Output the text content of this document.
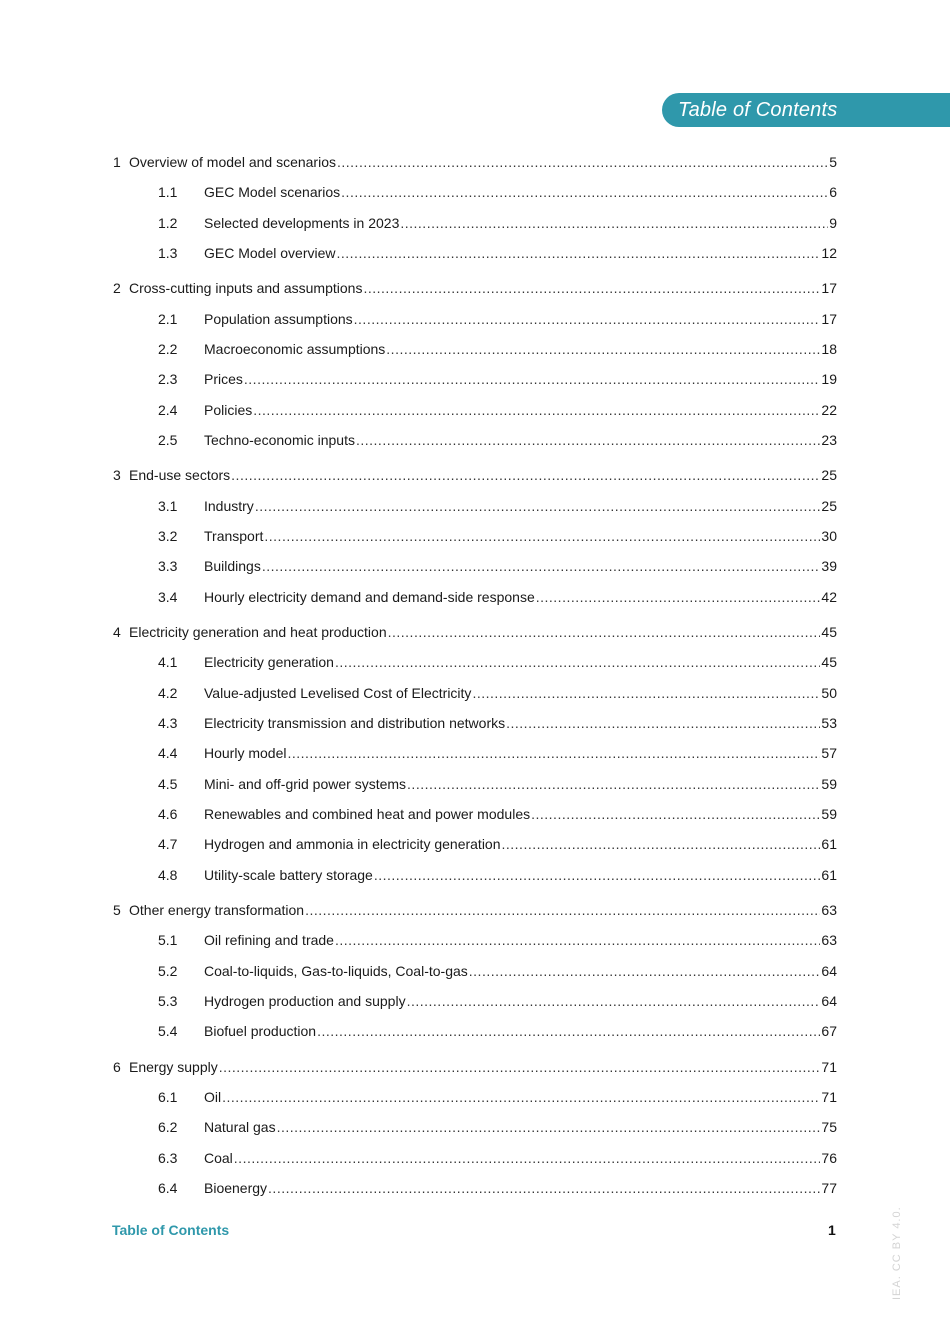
Table of Contents
1 Overview of model and scenarios .....	5
1.1 GEC Model scenarios .....	6
1.2 Selected developments in 2023 .....	9
1.3 GEC Model overview .....	12
2 Cross-cutting inputs and assumptions .....	17
2.1 Population assumptions .....	17
2.2 Macroeconomic assumptions .....	18
2.3 Prices .....	19
2.4 Policies .....	22
2.5 Techno-economic inputs .....	23
3 End-use sectors .....	25
3.1 Industry .....	25
3.2 Transport .....	30
3.3 Buildings .....	39
3.4 Hourly electricity demand and demand-side response .....	42
4 Electricity generation and heat production .....	45
4.1 Electricity generation .....	45
4.2 Value-adjusted Levelised Cost of Electricity .....	50
4.3 Electricity transmission and distribution networks .....	53
4.4 Hourly model .....	57
4.5 Mini- and off-grid power systems .....	59
4.6 Renewables and combined heat and power modules .....	59
4.7 Hydrogen and ammonia in electricity generation .....	61
4.8 Utility-scale battery storage .....	61
5 Other energy transformation .....	63
5.1 Oil refining and trade .....	63
5.2 Coal-to-liquids, Gas-to-liquids, Coal-to-gas .....	64
5.3 Hydrogen production and supply .....	64
5.4 Biofuel production .....	67
6 Energy supply .....	71
6.1 Oil .....	71
6.2 Natural gas .....	75
6.3 Coal .....	76
6.4 Bioenergy .....	77
Table of Contents	1	IEA. CC BY 4.0.
